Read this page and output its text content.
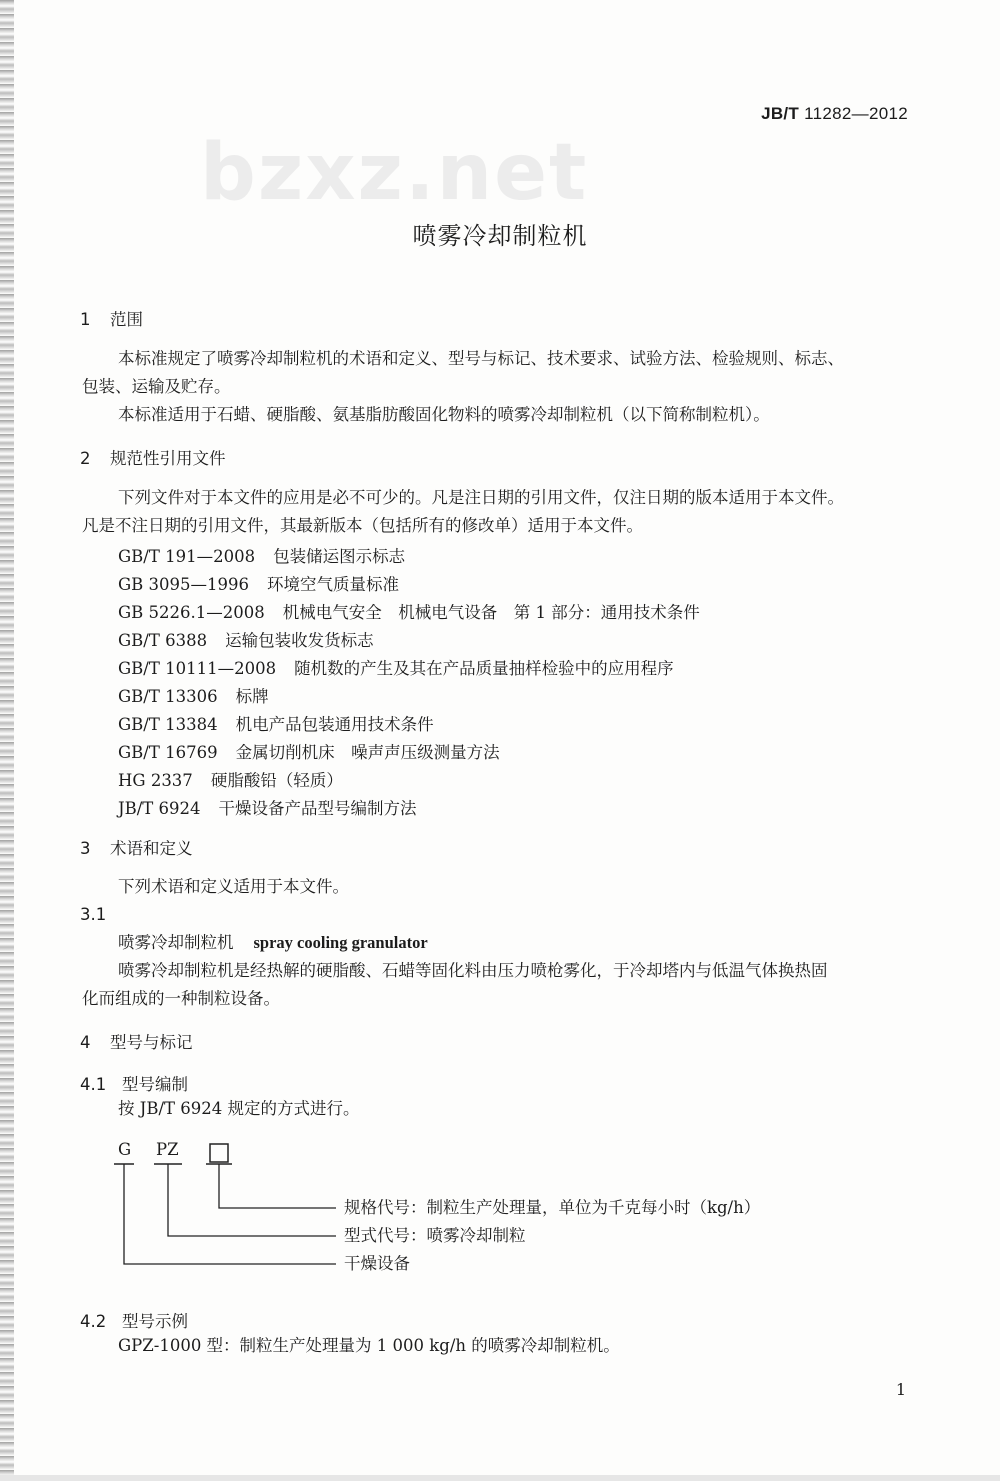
bzxz.net
JB/T 11282—2012
喷雾冷却制粒机
1 范围
本标准规定了喷雾冷却制粒机的术语和定义、型号与标记、技术要求、试验方法、检验规则、标志、
包装、运输及贮存。
本标准适用于石蜡、硬脂酸、氨基脂肪酸固化物料的喷雾冷却制粒机（以下简称制粒机）。
2 规范性引用文件
下列文件对于本文件的应用是必不可少的。凡是注日期的引用文件，仅注日期的版本适用于本文件。
凡是不注日期的引用文件，其最新版本（包括所有的修改单）适用于本文件。
GB/T 191—2008 包装储运图示标志
GB 3095—1996 环境空气质量标准
GB 5226.1—2008 机械电气安全　机械电气设备　第 1 部分：通用技术条件
GB/T 6388 运输包装收发货标志
GB/T 10111—2008 随机数的产生及其在产品质量抽样检验中的应用程序
GB/T 13306 标牌
GB/T 13384 机电产品包装通用技术条件
GB/T 16769 金属切削机床　噪声声压级测量方法
HG 2337 硬脂酸铅（轻质）
JB/T 6924 干燥设备产品型号编制方法
3 术语和定义
下列术语和定义适用于本文件。
3.1
喷雾冷却制粒机 spray cooling granulator
喷雾冷却制粒机是经热解的硬脂酸、石蜡等固化料由压力喷枪雾化，于冷却塔内与低温气体换热固
化而组成的一种制粒设备。
4 型号与标记
4.1 型号编制
按 JB/T 6924 规定的方式进行。
G PZ
规格代号：制粒生产处理量，单位为千克每小时（kg/h）
型式代号：喷雾冷却制粒
干燥设备
4.2 型号示例
GPZ-1000 型：制粒生产处理量为 1 000 kg/h 的喷雾冷却制粒机。
1
